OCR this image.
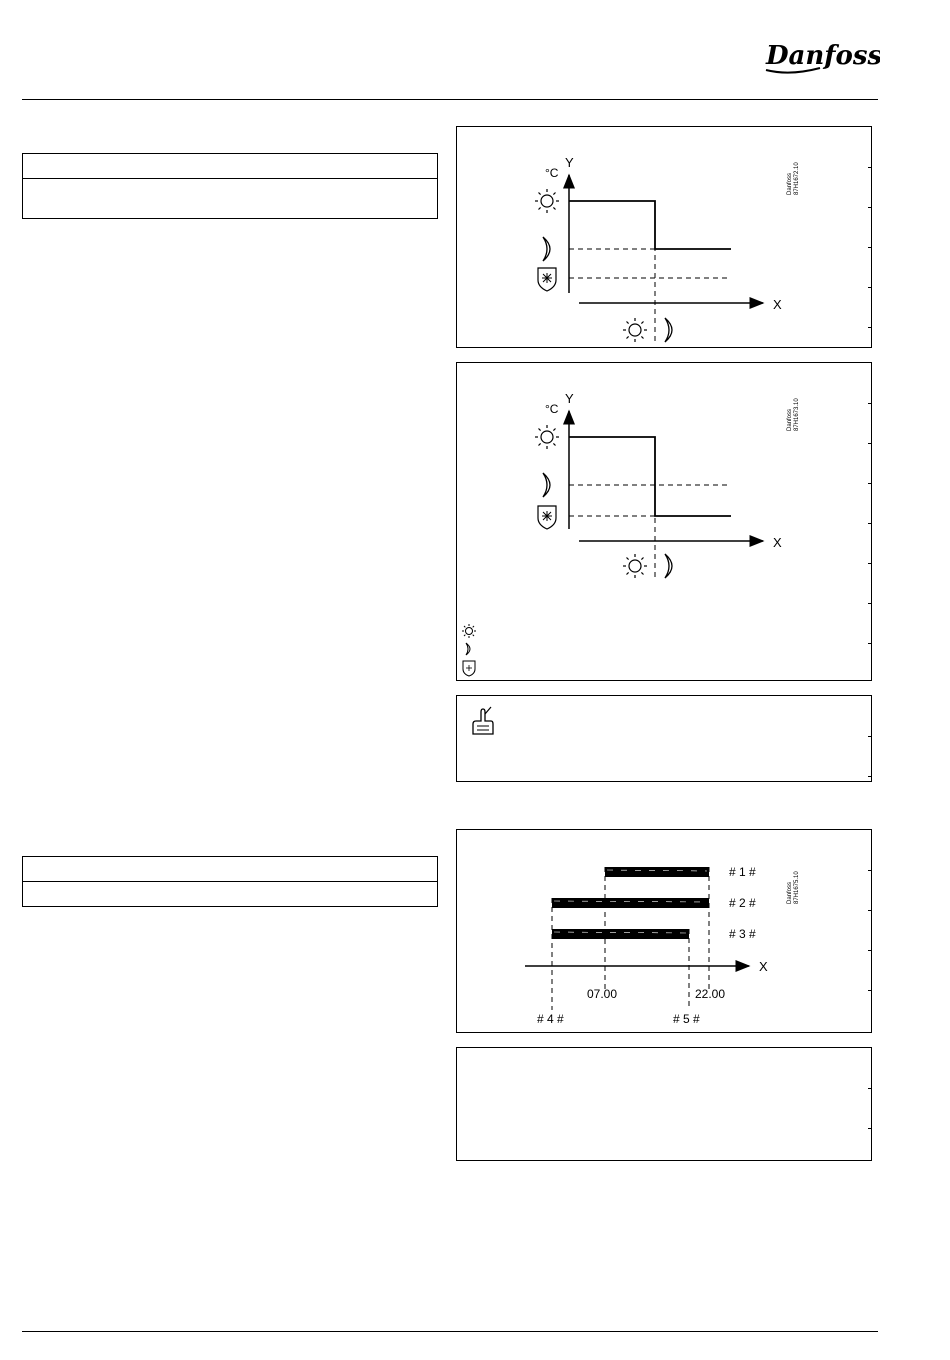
Danfoss
Y
°C
X
Danfoss 87H1672.10
Y
°C
X
Danfoss 87H1673.10
# 1 #
# 2 #
# 3 #
X
07.00	22.00
# 4 #	# 5 #
Danfoss 87H1675.10
